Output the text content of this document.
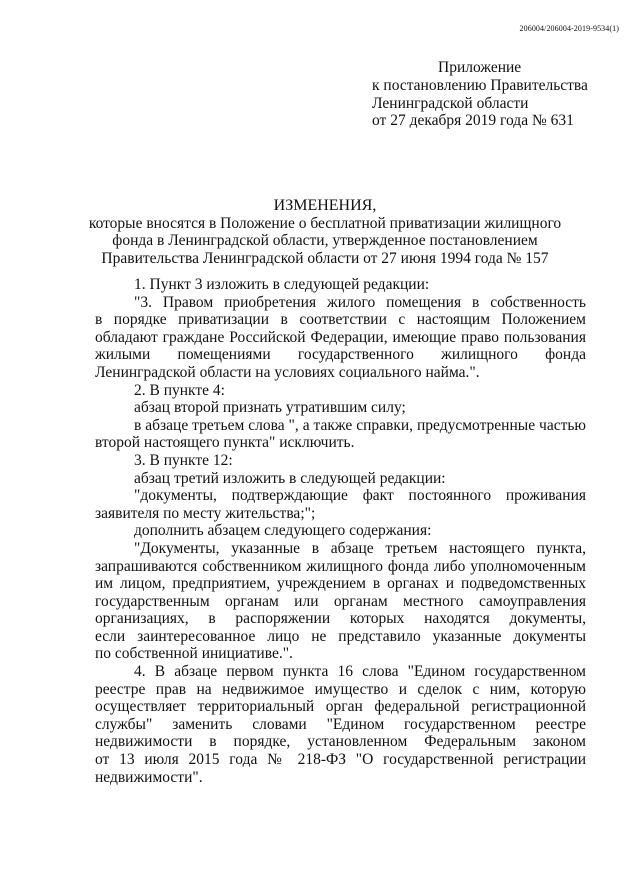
206004/206004-2019-9534(1)
Приложение
к постановлению Правительства
Ленинградской области
от 27 декабря 2019 года № 631
ИЗМЕНЕНИЯ,
которые вносятся в Положение о бесплатной приватизации жилищного
фонда в Ленинградской области, утвержденное постановлением
Правительства Ленинградской области от 27 июня 1994 года № 157
1. Пункт 3 изложить в следующей редакции:
"3. Правом приобретения жилого помещения в собственность
в порядке приватизации в соответствии с настоящим Положением
обладают граждане Российской Федерации, имеющие право пользования
жилыми помещениями государственного жилищного фонда
Ленинградской области на условиях социального найма.".
2. В пункте 4:
абзац второй признать утратившим силу;
в абзаце третьем слова ", а также справки, предусмотренные частью
второй настоящего пункта" исключить.
3. В пункте 12:
абзац третий изложить в следующей редакции:
"документы, подтверждающие факт постоянного проживания
заявителя по месту жительства;";
дополнить абзацем следующего содержания:
"Документы, указанные в абзаце третьем настоящего пункта,
запрашиваются собственником жилищного фонда либо уполномоченным
им лицом, предприятием, учреждением в органах и подведомственных
государственным органам или органам местного самоуправления
организациях, в распоряжении которых находятся документы,
если заинтересованное лицо не представило указанные документы
по собственной инициативе.".
4. В абзаце первом пункта 16 слова "Едином государственном
реестре прав на недвижимое имущество и сделок с ним, которую
осуществляет территориальный орган федеральной регистрационной
службы" заменить словами "Едином государственном реестре
недвижимости в порядке, установленном Федеральным законом
от 13 июля 2015 года № 218-ФЗ "О государственной регистрации
недвижимости".
